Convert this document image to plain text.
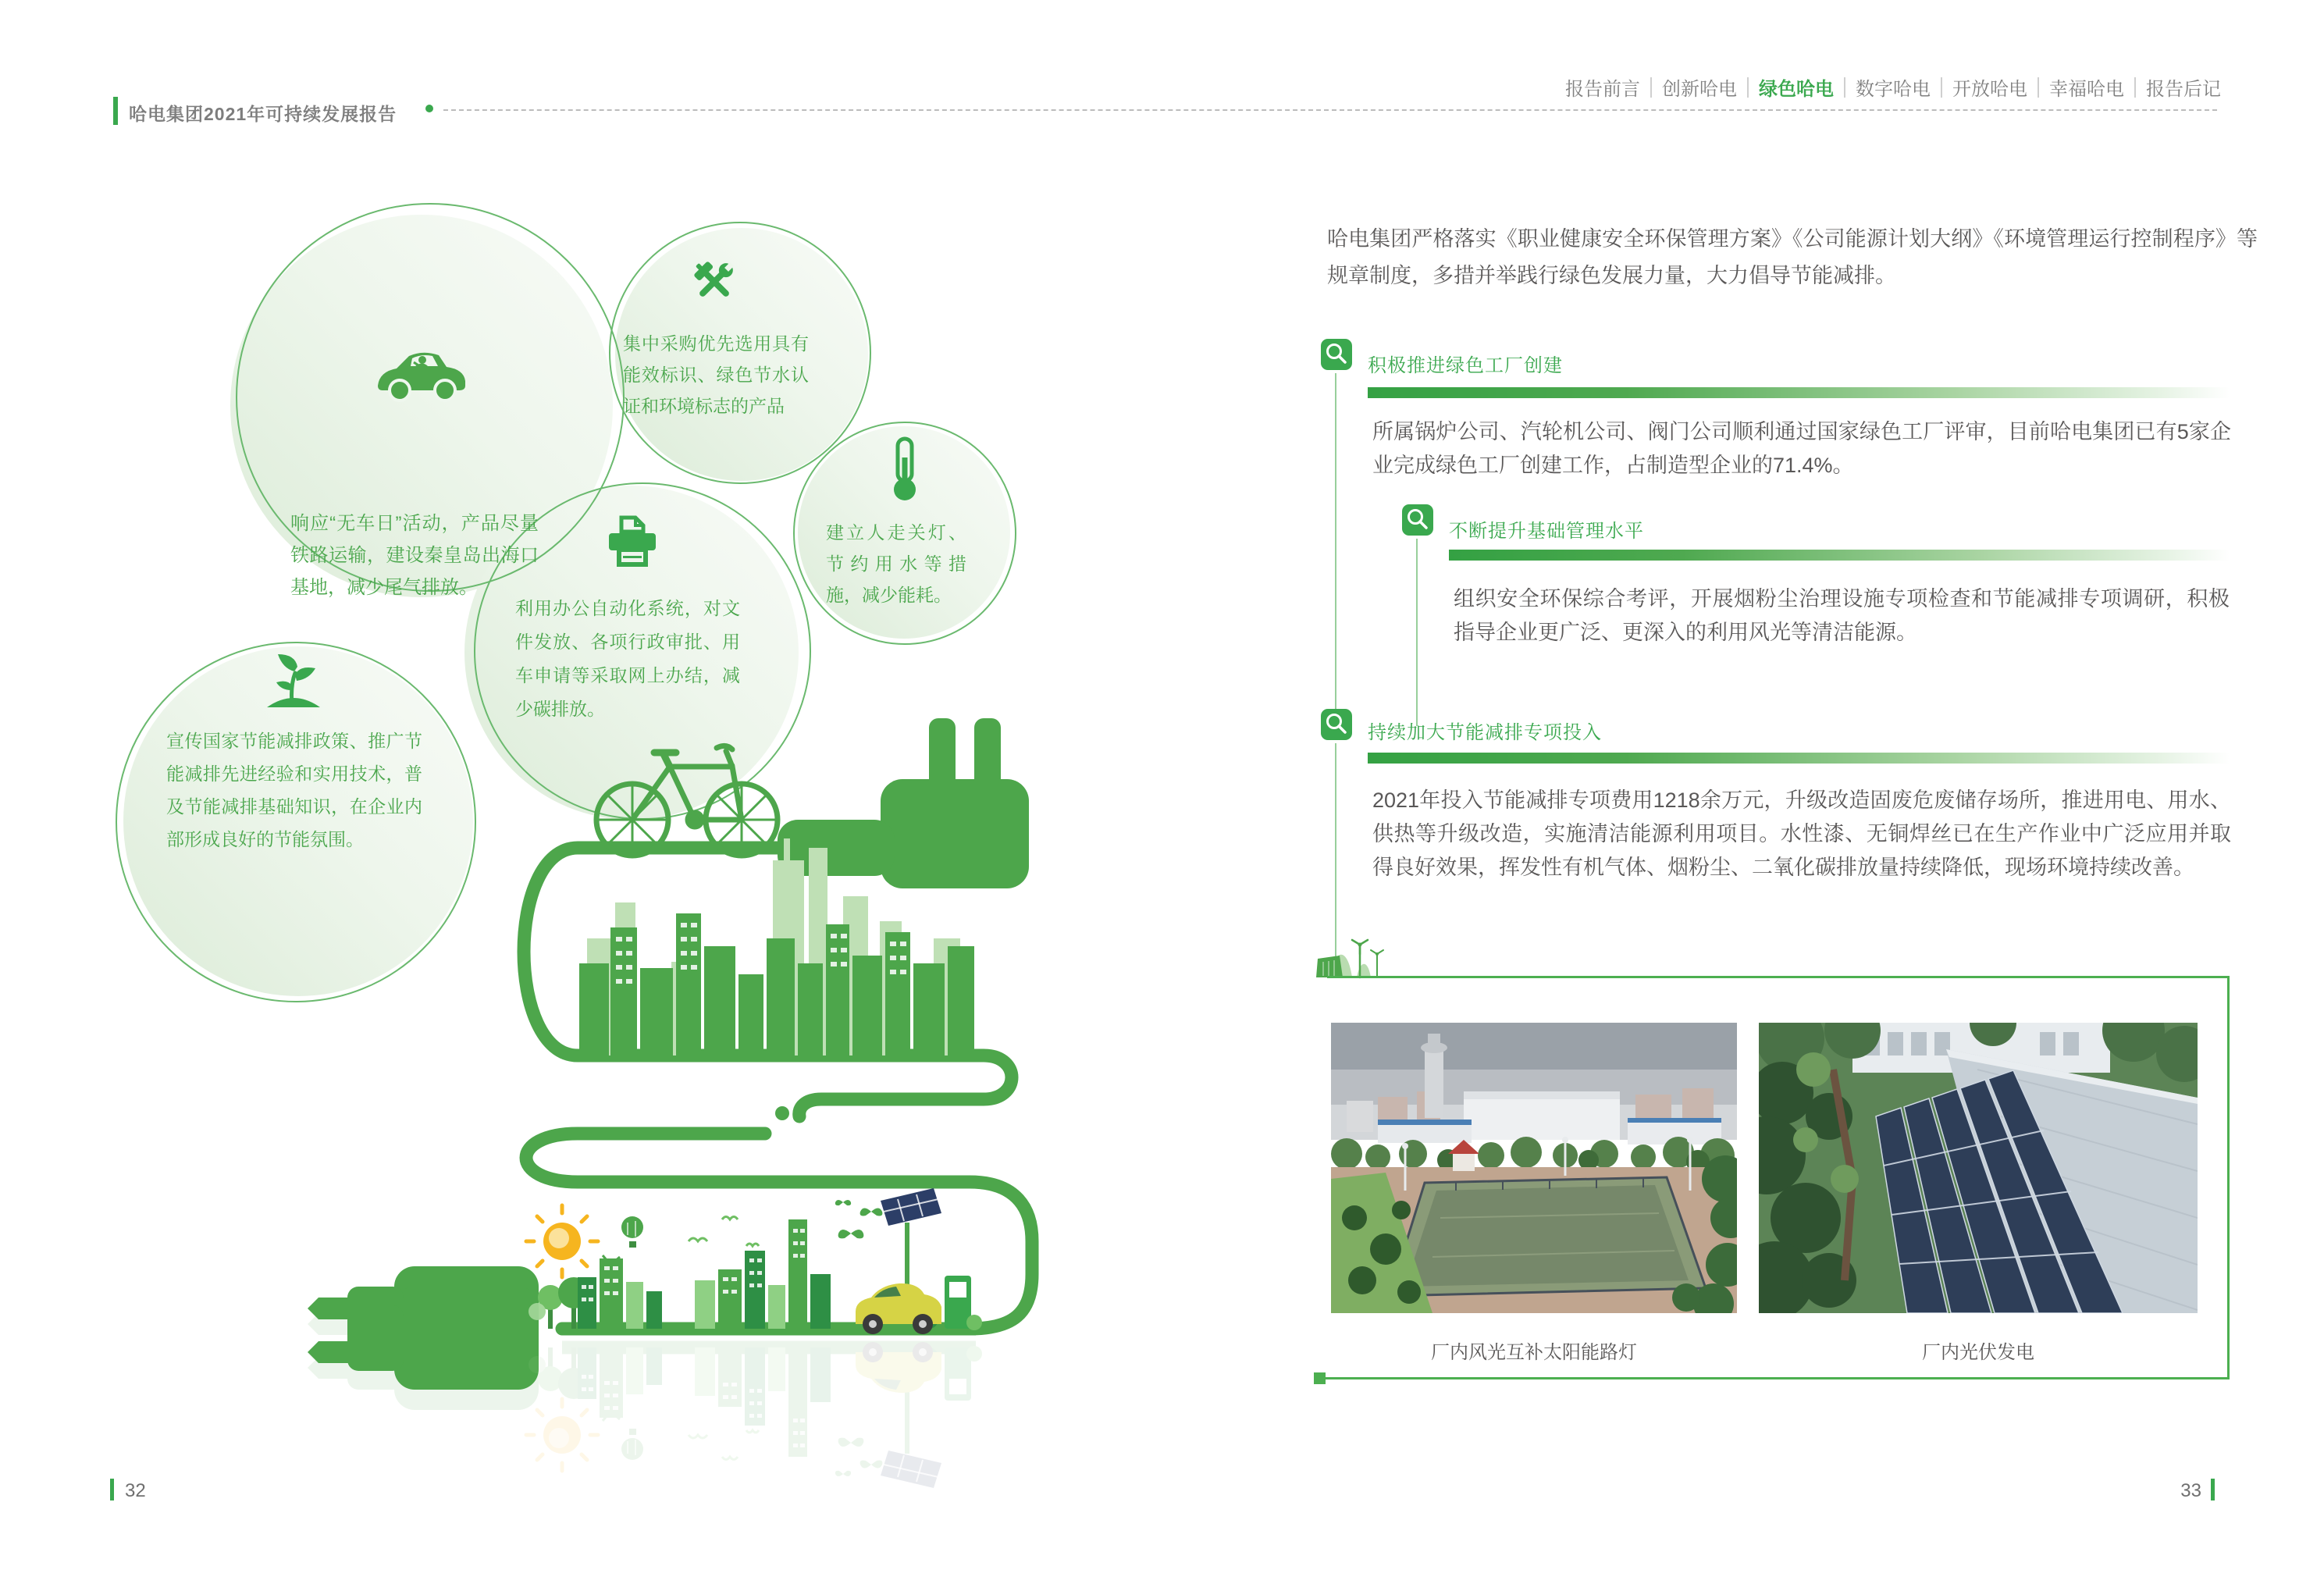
哈电集团2021年可持续发展报告
报告前言 创新哈电 绿色哈电 数字哈电 开放哈电 幸福哈电 报告后记
响应“无车日”活动，产品尽量铁路运输，建设秦皇岛出海口基地，减少尾气排放。
集中采购优先选用具有能效标识、绿色节水认证和环境标志的产品
建立人走关灯、节约用水等措施，减少能耗。
利用办公自动化系统，对文件发放、各项行政审批、用车申请等采取网上办结，减少碳排放。
宣传国家节能减排政策、推广节能减排先进经验和实用技术，普及节能减排基础知识，在企业内部形成良好的节能氛围。
哈电集团严格落实《职业健康安全环保管理方案》《公司能源计划大纲》《环境管理运行控制程序》等规章制度，多措并举践行绿色发展力量，大力倡导节能减排。
积极推进绿色工厂创建
所属锅炉公司、汽轮机公司、阀门公司顺利通过国家绿色工厂评审，目前哈电集团已有5家企业完成绿色工厂创建工作，占制造型企业的71.4%。
不断提升基础管理水平
组织安全环保综合考评，开展烟粉尘治理设施专项检查和节能减排专项调研，积极指导企业更广泛、更深入的利用风光等清洁能源。
持续加大节能减排专项投入
2021年投入节能减排专项费用1218余万元，升级改造固废危废储存场所，推进用电、用水、供热等升级改造，实施清洁能源利用项目。水性漆、无铜焊丝已在生产作业中广泛应用并取得良好效果，挥发性有机气体、烟粉尘、二氧化碳排放量持续降低，现场环境持续改善。
厂内风光互补太阳能路灯	厂内光伏发电
32	33
